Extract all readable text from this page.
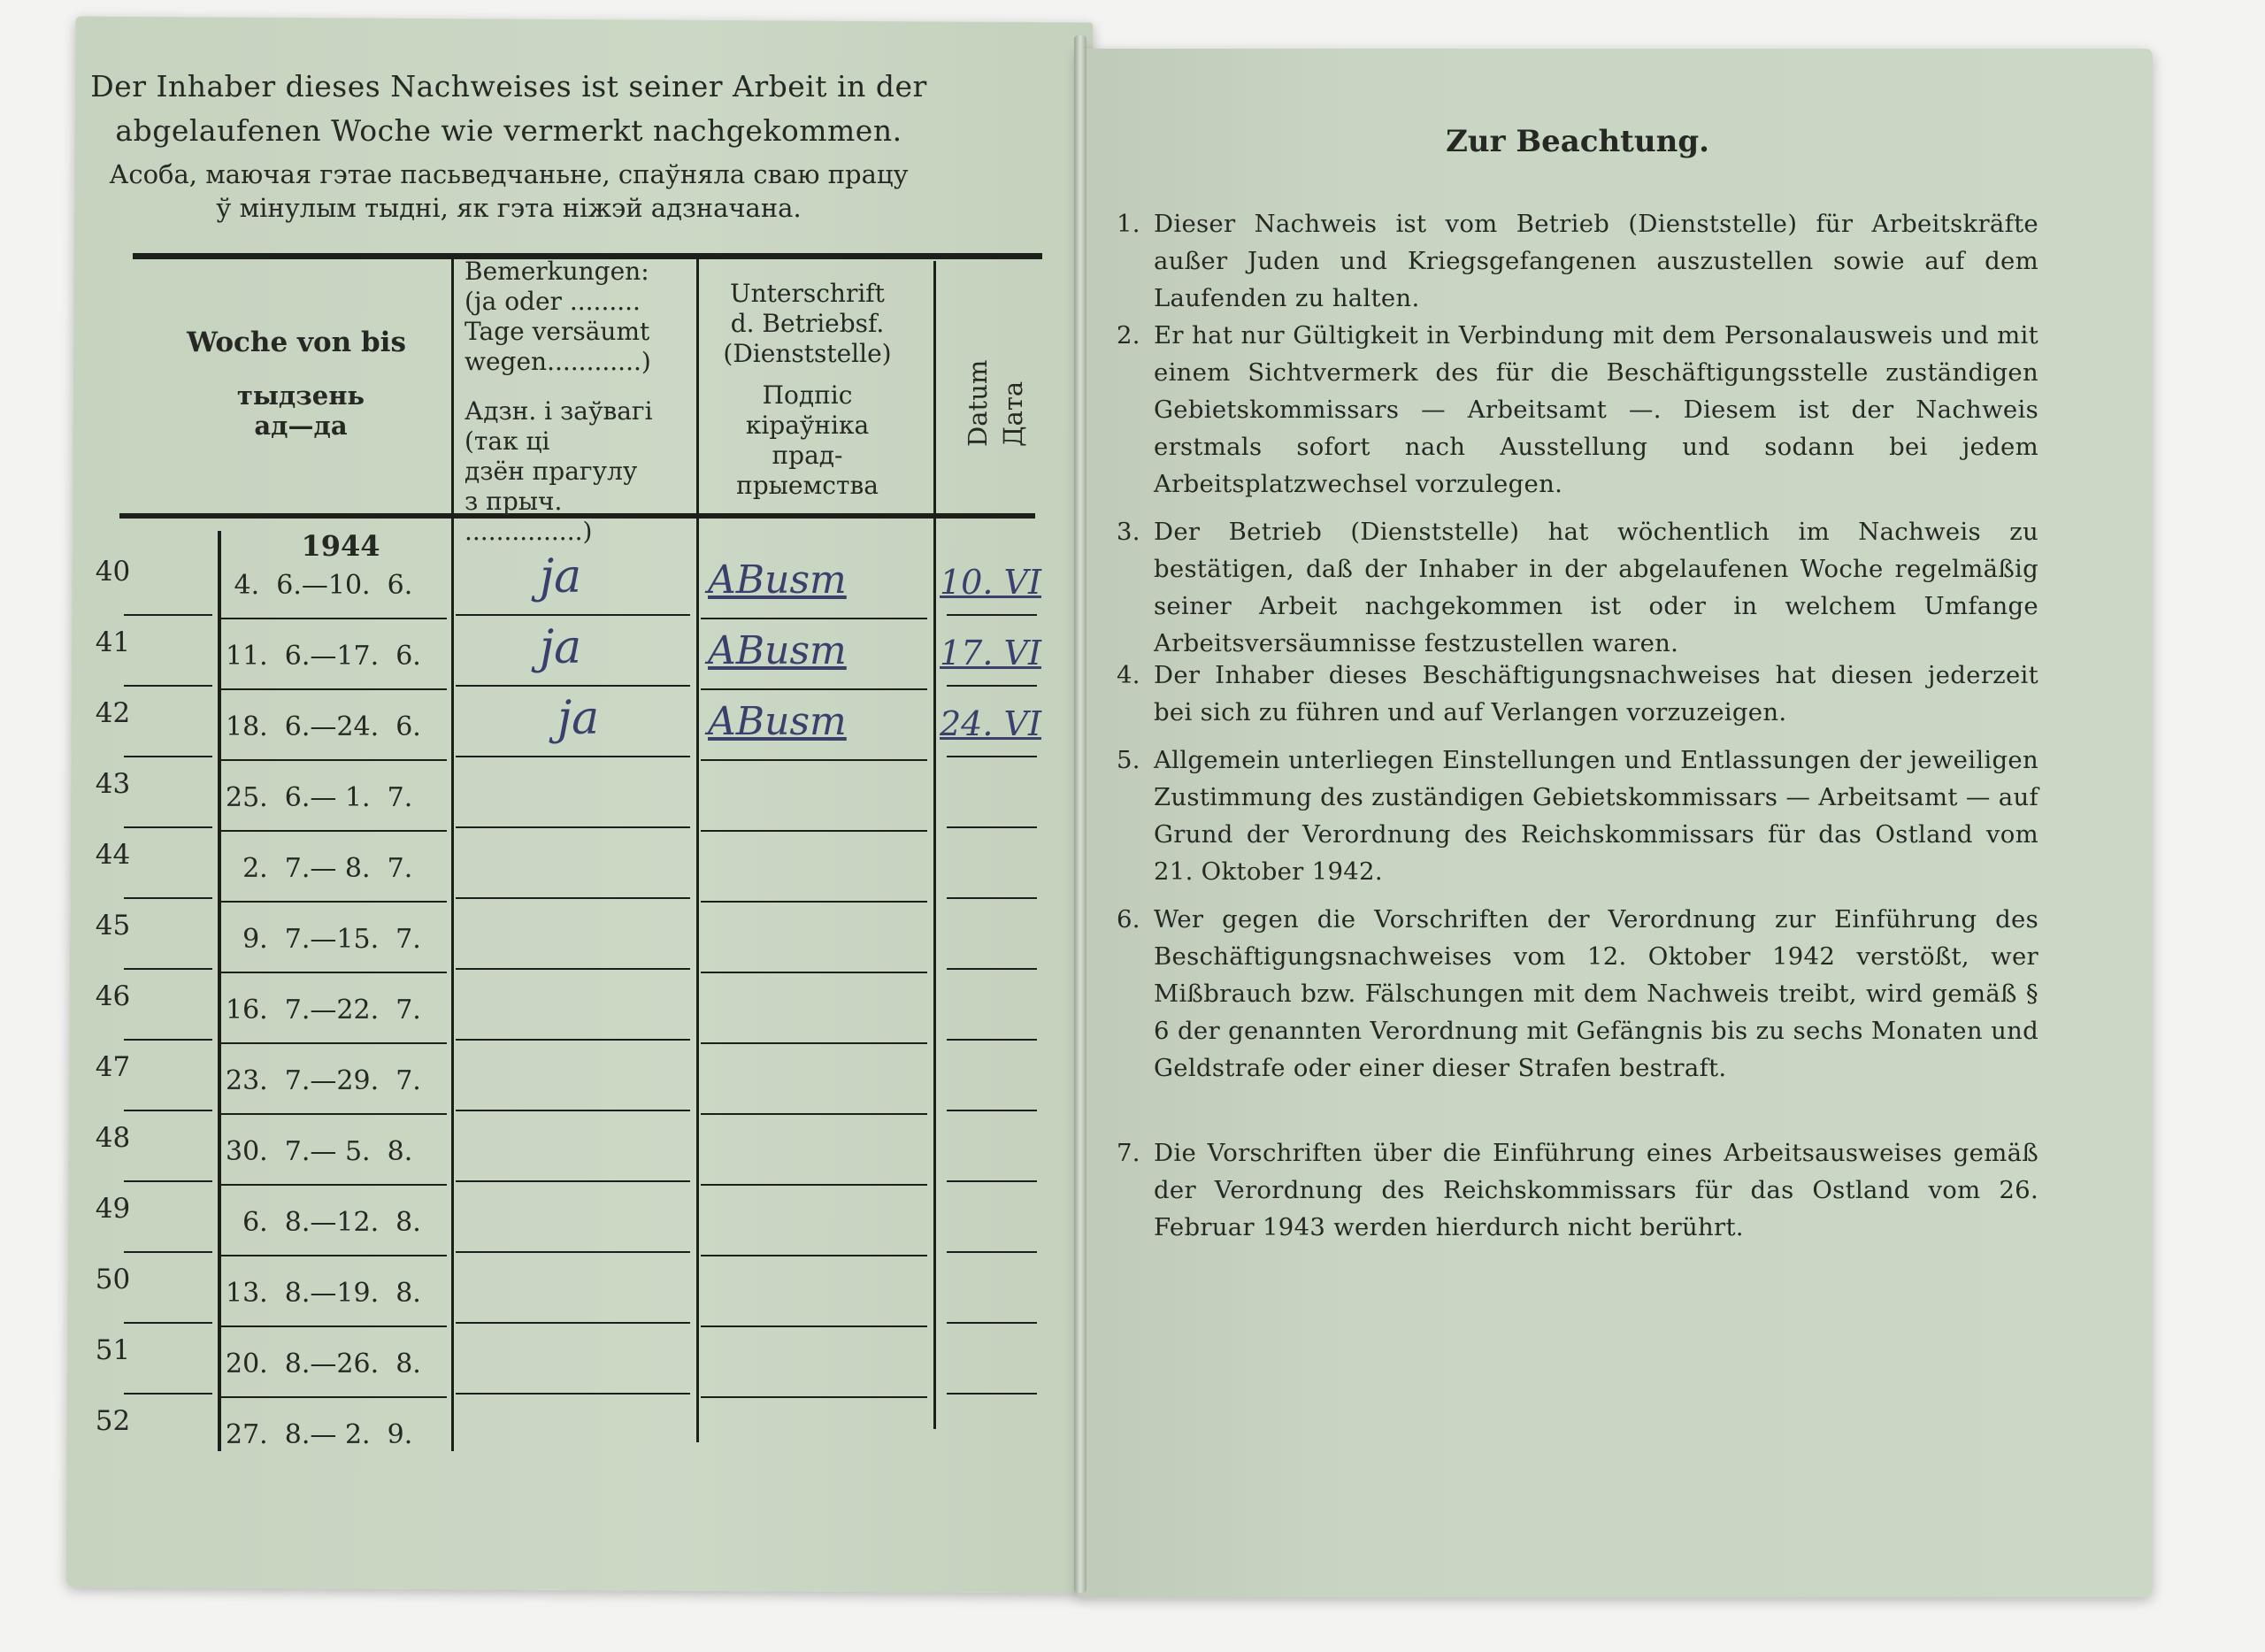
Der Inhaber dieses Nachweises ist seiner Arbeit in der
abgelaufenen Woche wie vermerkt nachgekommen.
Асоба, маючая гэтае пасьведчаньне, спаўняла сваю працу
ў мінулым тыдні, як гэта ніжэй адзначана.
Woche von bis
тыдзень
ад—да
Bemerkungen:
(ja oder .........
Tage versäumt
wegen............)
Адзн. і заўвагі
(так ці
дзён прагулу
з прыч. ...............)
Unterschrift
d. Betriebsf.
(Dienststelle)
Подпіс
кіраўніка
прад-
прыемства
Datum Дата
1944
40	4.  6.—10.  6.	ja	ABusm	10. VI
41	11.  6.—17.  6.	ja	ABusm	17. VI
42	18.  6.—24.  6.	ja	ABusm	24. VI
43	25.  6.— 1.  7.
44	2.  7.— 8.  7.
45	9.  7.—15.  7.
46	16.  7.—22.  7.
47	23.  7.—29.  7.
48	30.  7.— 5.  8.
49	6.  8.—12.  8.
50	13.  8.—19.  8.
51	20.  8.—26.  8.
52	27.  8.— 2.  9.
Zur Beachtung.
1. Dieser Nachweis ist vom Betrieb (Dienststelle) für Arbeitskräfte außer Juden und Kriegsgefangenen auszustellen sowie auf dem Laufenden zu halten.
2. Er hat nur Gültigkeit in Verbindung mit dem Personalausweis und mit einem Sichtvermerk des für die Beschäftigungsstelle zuständigen Gebietskommissars — Arbeitsamt —. Diesem ist der Nachweis erstmals sofort nach Ausstellung und sodann bei jedem Arbeitsplatzwechsel vorzulegen.
3. Der Betrieb (Dienststelle) hat wöchentlich im Nachweis zu bestätigen, daß der Inhaber in der abgelaufenen Woche regelmäßig seiner Arbeit nachgekommen ist oder in welchem Umfange Arbeitsversäumnisse festzustellen waren.
4. Der Inhaber dieses Beschäftigungsnachweises hat diesen jederzeit bei sich zu führen und auf Verlangen vorzuzeigen.
5. Allgemein unterliegen Einstellungen und Entlassungen der jeweiligen Zustimmung des zuständigen Gebietskommissars — Arbeitsamt — auf Grund der Verordnung des Reichskommissars für das Ostland vom 21. Oktober 1942.
6. Wer gegen die Vorschriften der Verordnung zur Einführung des Beschäftigungsnachweises vom 12. Oktober 1942 verstößt, wer Mißbrauch bzw. Fälschungen mit dem Nachweis treibt, wird gemäß § 6 der genannten Verordnung mit Gefängnis bis zu sechs Monaten und Geldstrafe oder einer dieser Strafen bestraft.
7. Die Vorschriften über die Einführung eines Arbeitsausweises gemäß der Verordnung des Reichskommissars für das Ostland vom 26. Februar 1943 werden hierdurch nicht berührt.
